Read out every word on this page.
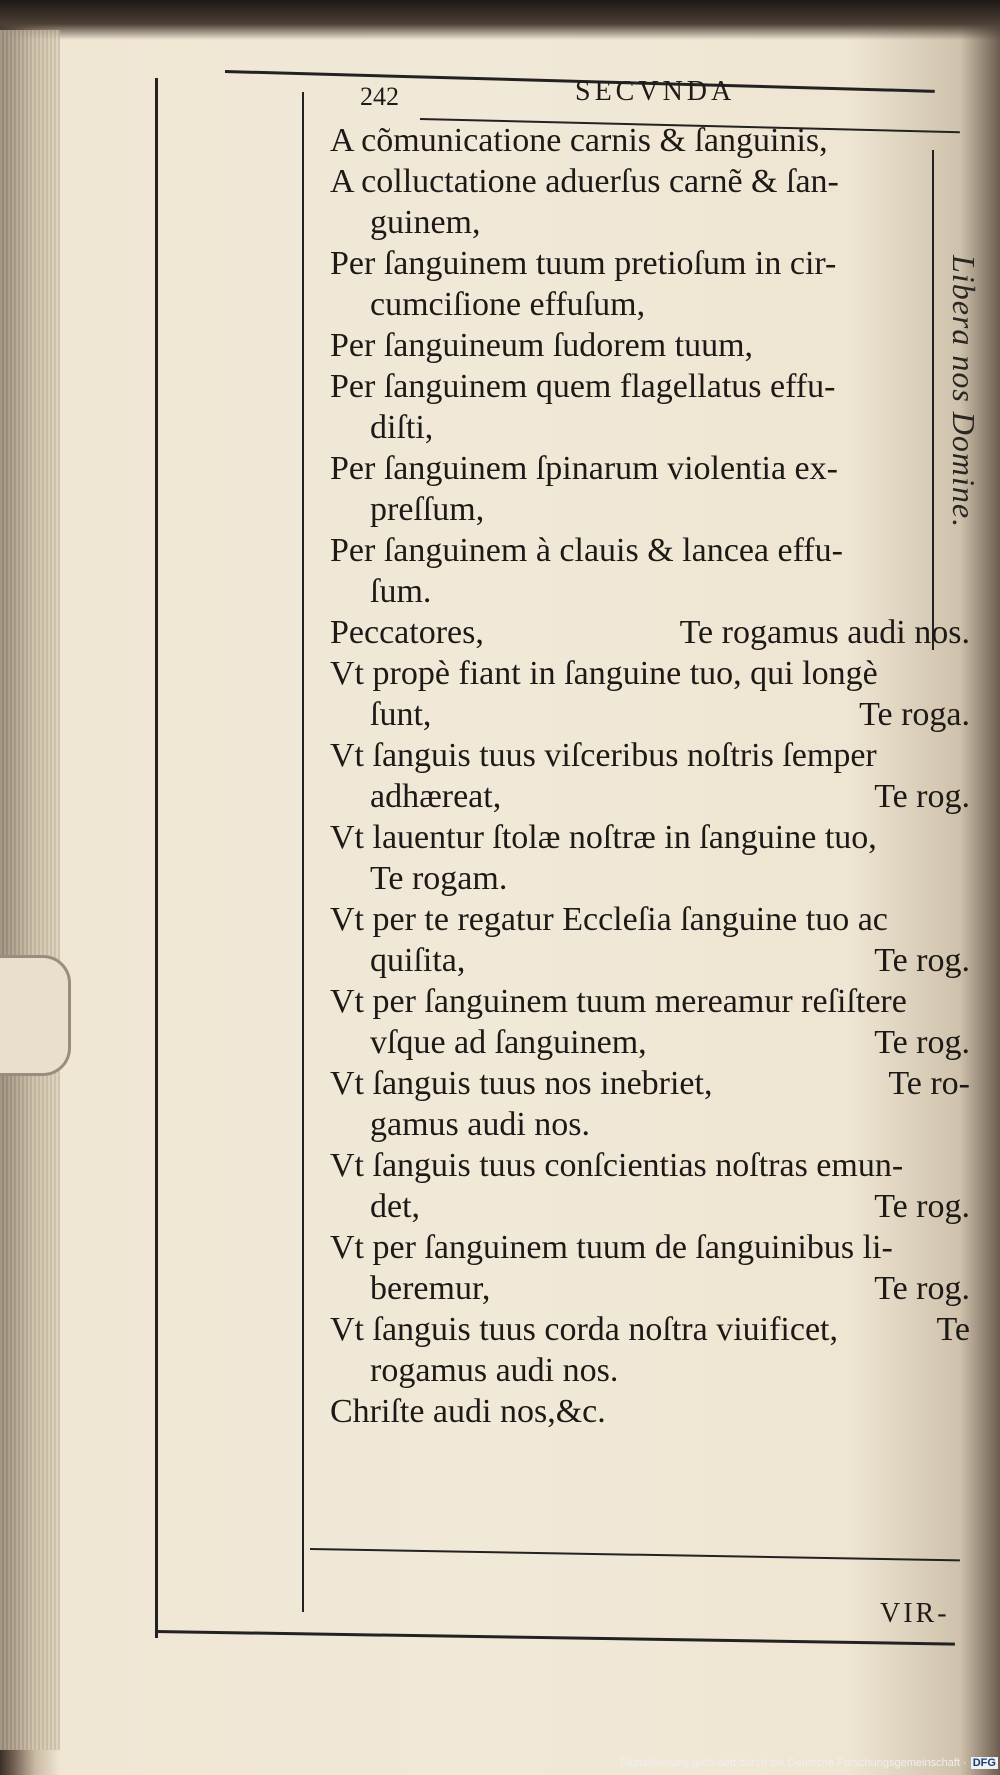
242	SECVNDA
Libera nos Domine.
A cõmunicatione carnis & ſanguinis,
A colluctatione aduerſus carnẽ & ſan-
guinem,
Per ſanguinem tuum pretioſum in cir-
cumciſione effuſum,
Per ſanguineum ſudorem tuum,
Per ſanguinem quem flagellatus effu-
diſti,
Per ſanguinem ſpinarum violentia ex-
preſſum,
Per ſanguinem à clauis & lancea effu-
ſum.
Peccatores,	Te rogamus audi nos.
Vt propè fiant in ſanguine tuo, qui longè
ſunt,	Te roga.
Vt ſanguis tuus viſceribus noſtris ſemper
adhæreat,	Te rog.
Vt lauentur ſtolæ noſtræ in ſanguine tuo,
Te rogam.
Vt per te regatur Eccleſia ſanguine tuo ac
quiſita,	Te rog.
Vt per ſanguinem tuum mereamur reſiſtere
vſque ad ſanguinem,	Te rog.
Vt ſanguis tuus nos inebriet,	Te ro-
gamus audi nos.
Vt ſanguis tuus conſcientias noſtras emun-
det,	Te rog.
Vt per ſanguinem tuum de ſanguinibus li-
beremur,	Te rog.
Vt ſanguis tuus corda noſtra viuificet,	Te
rogamus audi nos.
Chriſte audi nos,&c.
VIR-
Digitalisierung gefördert durch die Deutsche Forschungsgemeinschaft · DFG
